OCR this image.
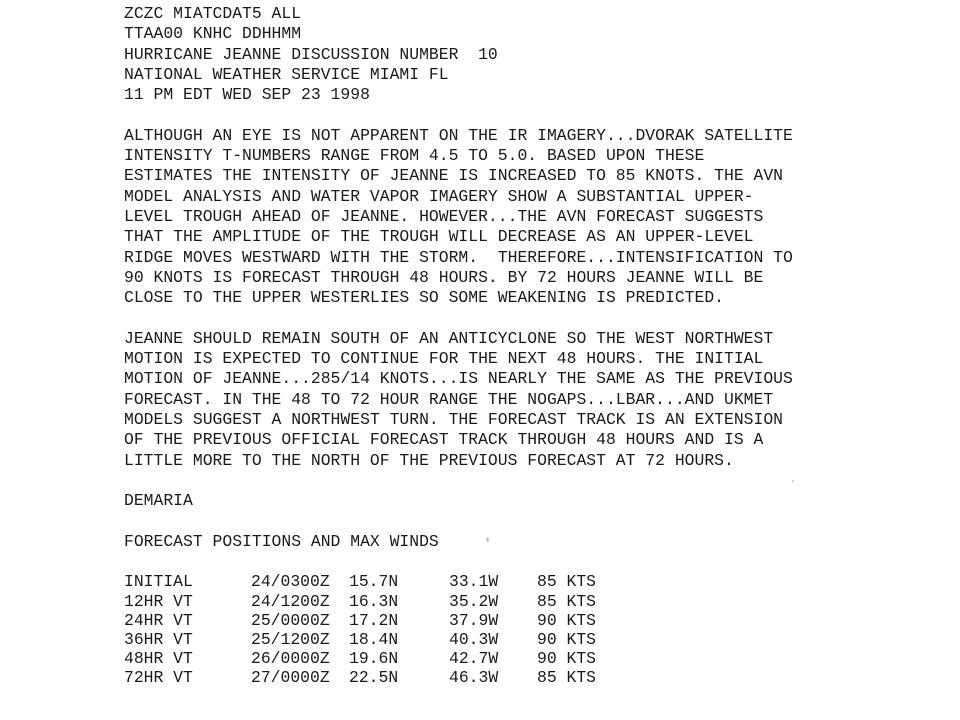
ZCZC MIATCDAT5 ALL
TTAA00 KNHC DDHHMM
HURRICANE JEANNE DISCUSSION NUMBER  10
NATIONAL WEATHER SERVICE MIAMI FL
11 PM EDT WED SEP 23 1998
ALTHOUGH AN EYE IS NOT APPARENT ON THE IR IMAGERY...DVORAK SATELLITE
INTENSITY T-NUMBERS RANGE FROM 4.5 TO 5.0. BASED UPON THESE
ESTIMATES THE INTENSITY OF JEANNE IS INCREASED TO 85 KNOTS. THE AVN
MODEL ANALYSIS AND WATER VAPOR IMAGERY SHOW A SUBSTANTIAL UPPER-
LEVEL TROUGH AHEAD OF JEANNE. HOWEVER...THE AVN FORECAST SUGGESTS
THAT THE AMPLITUDE OF THE TROUGH WILL DECREASE AS AN UPPER-LEVEL
RIDGE MOVES WESTWARD WITH THE STORM.  THEREFORE...INTENSIFICATION TO
90 KNOTS IS FORECAST THROUGH 48 HOURS. BY 72 HOURS JEANNE WILL BE
CLOSE TO THE UPPER WESTERLIES SO SOME WEAKENING IS PREDICTED.
JEANNE SHOULD REMAIN SOUTH OF AN ANTICYCLONE SO THE WEST NORTHWEST
MOTION IS EXPECTED TO CONTINUE FOR THE NEXT 48 HOURS. THE INITIAL
MOTION OF JEANNE...285/14 KNOTS...IS NEARLY THE SAME AS THE PREVIOUS
FORECAST. IN THE 48 TO 72 HOUR RANGE THE NOGAPS...LBAR...AND UKMET
MODELS SUGGEST A NORTHWEST TURN. THE FORECAST TRACK IS AN EXTENSION
OF THE PREVIOUS OFFICIAL FORECAST TRACK THROUGH 48 HOURS AND IS A
LITTLE MORE TO THE NORTH OF THE PREVIOUS FORECAST AT 72 HOURS.
DEMARIA
FORECAST POSITIONS AND MAX WINDS
INITIAL	24/0300Z	15.7N	33.1W	85 KTS
12HR VT	24/1200Z	16.3N	35.2W	85 KTS
24HR VT	25/0000Z	17.2N	37.9W	90 KTS
36HR VT	25/1200Z	18.4N	40.3W	90 KTS
48HR VT	26/0000Z	19.6N	42.7W	90 KTS
72HR VT	27/0000Z	22.5N	46.3W	85 KTS
